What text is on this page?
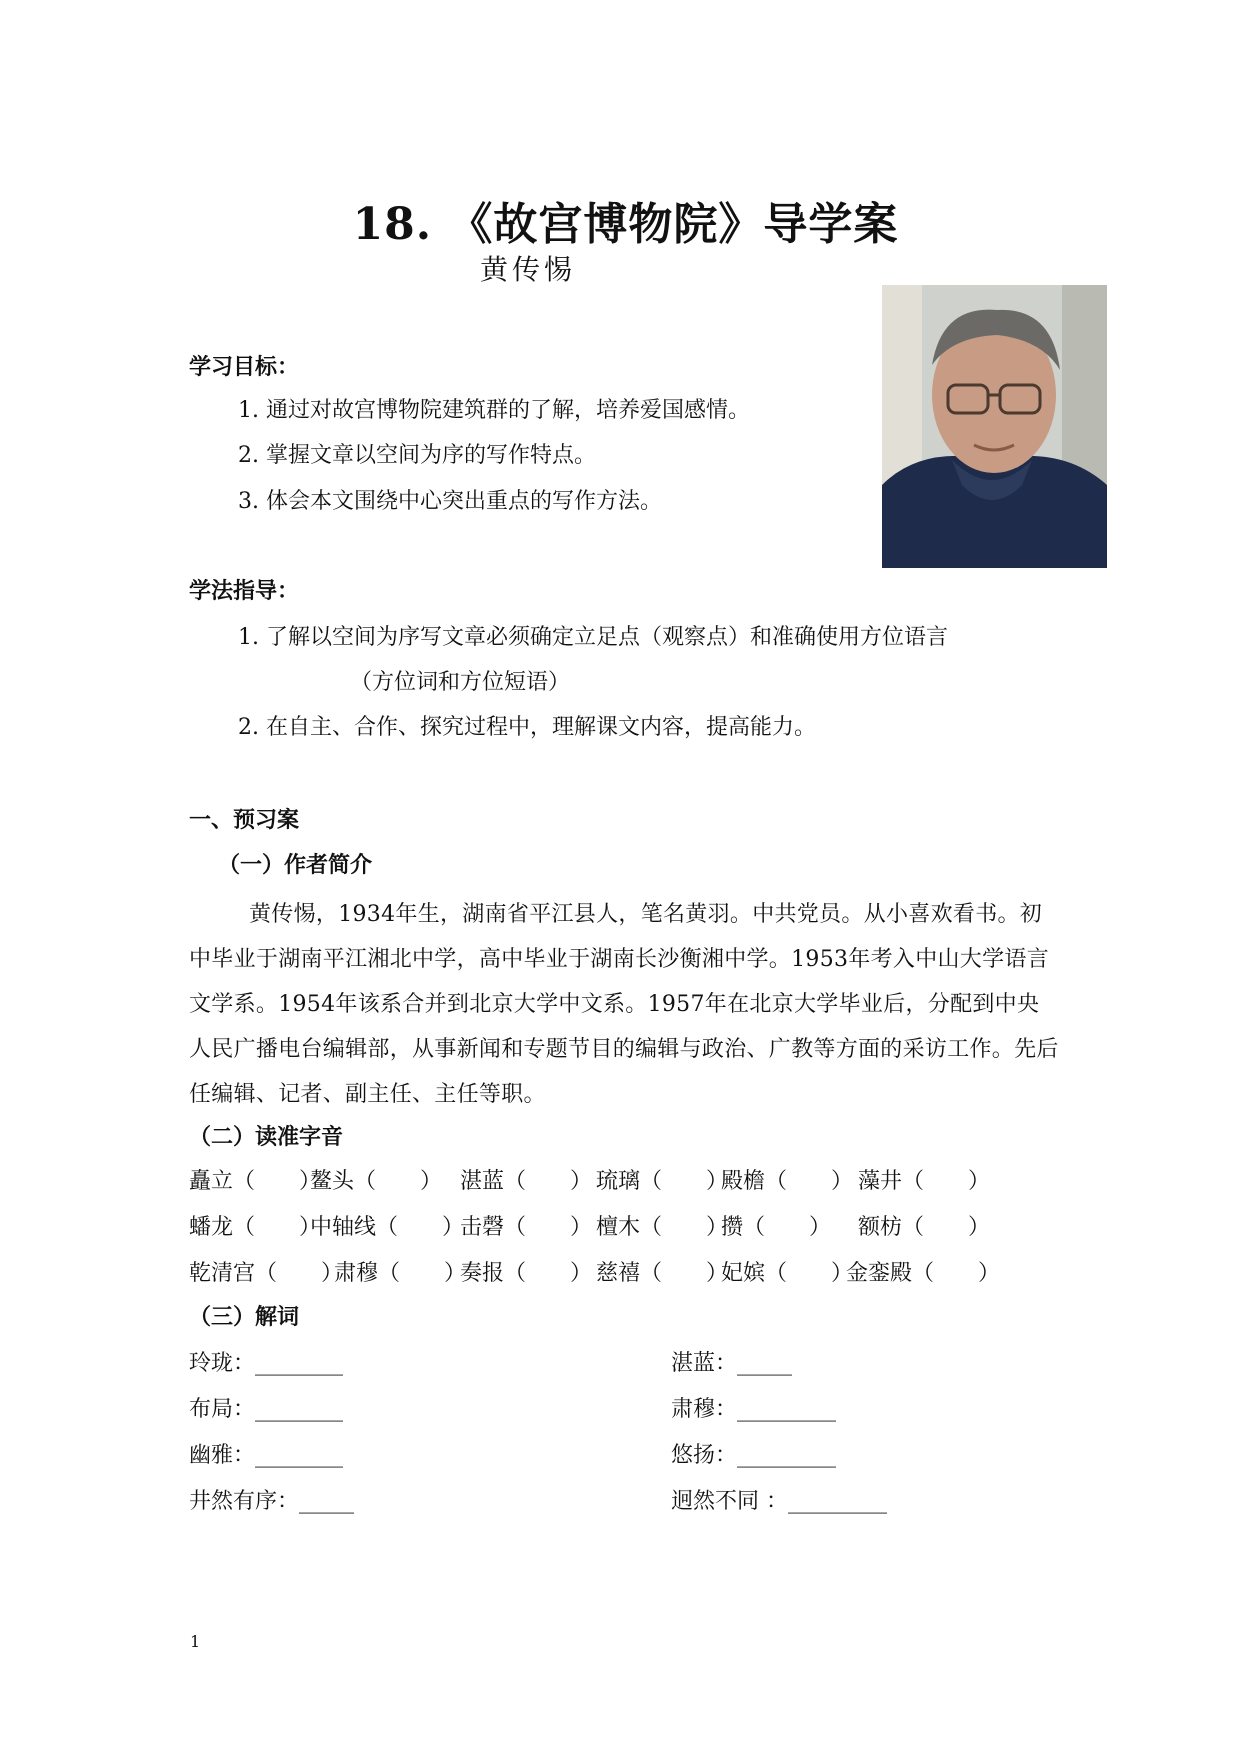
18. 《故宫博物院》导学案
黄传惕
学习目标：
1. 通过对故宫博物院建筑群的了解，培养爱国感情。
2. 掌握文章以空间为序的写作特点。
3. 体会本文围绕中心突出重点的写作方法。
学法指导：
1. 了解以空间为序写文章必须确定立足点（观察点）和准确使用方位语言
（方位词和方位短语）
2. 在自主、合作、探究过程中，理解课文内容，提高能力。
一、预习案
（一）作者简介
黄传惕，1934年生，湖南省平江县人，笔名黄羽。中共党员。从小喜欢看书。初中毕业于湖南平江湘北中学，高中毕业于湖南长沙衡湘中学。1953年考入中山大学语言文学系。1954年该系合并到北京大学中文系。1957年在北京大学毕业后，分配到中央人民广播电台编辑部，从事新闻和专题节目的编辑与政治、广教等方面的采访工作。先后任编辑、记者、副主任、主任等职。
（二）读准字音
矗立（　　）
鳌头（　　） 湛蓝（　　） 琉璃（　　）
殿檐（　　） 藻井（　　）
蟠龙（　　）
中轴线（　　）
击磬（　　） 檀木（　　）
攒（　　） 额枋（　　）
乾清宫（　　）
肃穆（　　）
奏报（　　） 慈禧（　　）
妃嫔（　　）
金銮殿（　　）
（三）解词
玲珑：________
布局：________
幽雅：________
井然有序：_____
湛蓝：_____
肃穆：_________
悠扬：_________
迥然不同 ：_________
1
